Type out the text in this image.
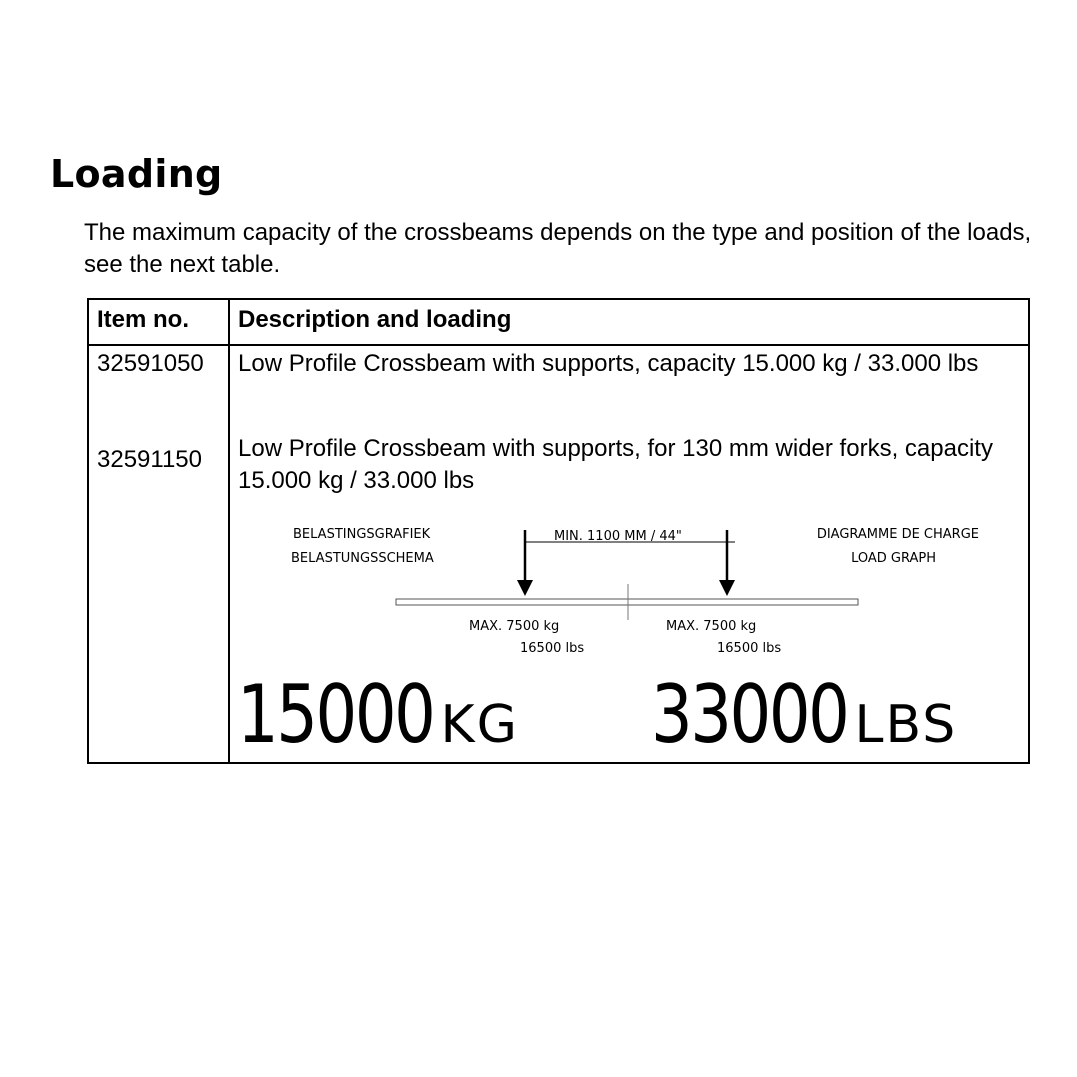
Loading
The maximum capacity of the crossbeams depends on the type and position of the loads, see the next table.
Item no. Description and loading
32591050 Low Profile Crossbeam with supports, capacity 15.000 kg / 33.000 lbs
32591150 Low Profile Crossbeam with supports, for 130 mm wider forks, capacity 15.000 kg / 33.000 lbs
BELASTINGSGRAFIEK
BELASTUNGSSCHEMA
DIAGRAMME DE CHARGE
LOAD GRAPH
MIN. 1100 MM / 44"
MAX. 7500 kg
16500 lbs
MAX. 7500 kg
16500 lbs
15000 KG 33000 LBS
